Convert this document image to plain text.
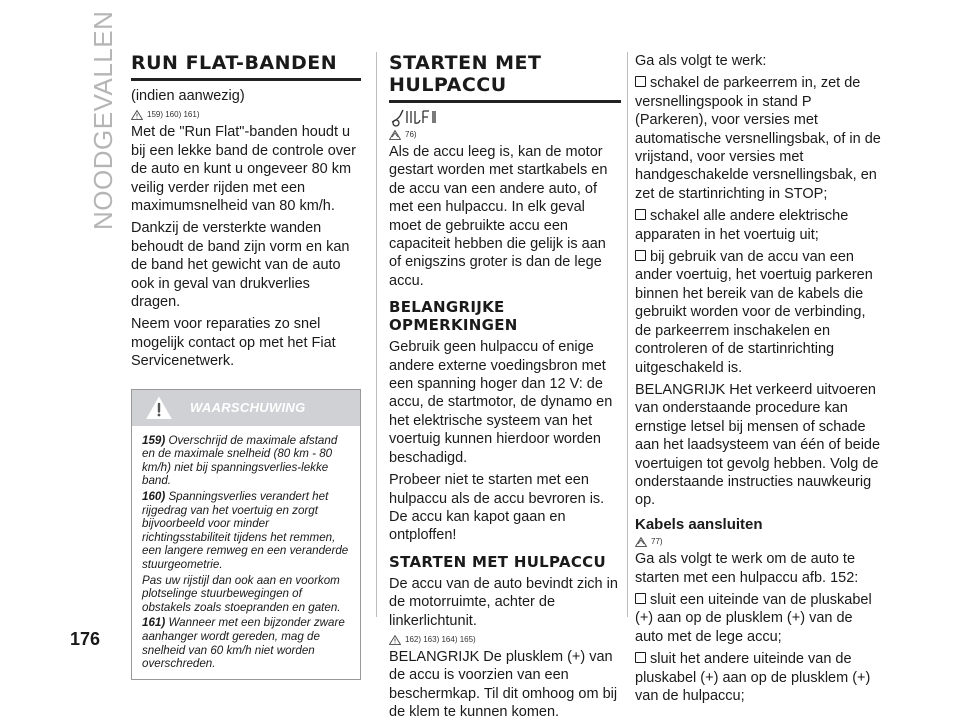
NOODGEVALLEN RUN FLAT-BANDEN

(indien aanwezig)

159) 160) 161)

Met de "Run Flat"-banden houdt u bij een lekke band de controle over de auto en kunt u ongeveer 80 km veilig verder rijden met een maximumsnelheid van 80 km/h.

Dankzij de versterkte wanden behoudt de band zijn vorm en kan de band het gewicht van de auto ook in geval van drukverlies dragen.

Neem voor reparaties zo snel mogelijk contact op met het Fiat Servicenetwerk.

WAARSCHUWING

159) Overschrijd de maximale afstand en de maximale snelheid (80 km - 80 km/h) niet bij spanningsverlies-lekke band.

160) Spanningsverlies verandert het rijgedrag van het voertuig en zorgt bijvoorbeeld voor minder richtingsstabiliteit tijdens het remmen, een langere remweg en een veranderde stuurgeometrie.

Pas uw rijstijl dan ook aan en voorkom plotselinge stuurbewegingen of obstakels zoals stoepranden en gaten.

161) Wanneer met een bijzonder zware aanhanger wordt gereden, mag de snelheid van 60 km/h niet worden overschreden.

STARTEN MET HULPACCU
76)

Als de accu leeg is, kan de motor gestart worden met startkabels en de accu van een andere auto, of met een hulpaccu. In elk geval moet de gebruikte accu een capaciteit hebben die gelijk is aan of enigszins groter is dan de lege accu.

BELANGRIJKE OPMERKINGEN

Gebruik geen hulpaccu of enige andere externe voedingsbron met een spanning hoger dan 12 V: de accu, de startmotor, de dynamo en het elektrische systeem van het voertuig kunnen hierdoor worden beschadigd.

Probeer niet te starten met een hulpaccu als de accu bevroren is. De accu kan kapot gaan en ontploffen!

STARTEN MET HULPACCU

De accu van de auto bevindt zich in de motorruimte, achter de linkerlichtunit.

162) 163) 164) 165)

BELANGRIJK De plusklem (+) van de accu is voorzien van een beschermkap. Til dit omhoog om bij de klem te kunnen komen.

Ga als volgt te werk:

schakel de parkeerrem in, zet de versnellingspook in stand P (Parkeren), voor versies met automatische versnellingsbak, of in de vrijstand, voor versies met handgeschakelde versnellingsbak, en zet de startinrichting in STOP;

schakel alle andere elektrische apparaten in het voertuig uit;

bij gebruik van de accu van een ander voertuig, het voertuig parkeren binnen het bereik van de kabels die gebruikt worden voor de verbinding, de parkeerrem inschakelen en controleren of de startinrichting uitgeschakeld is.

BELANGRIJK Het verkeerd uitvoeren van onderstaande procedure kan ernstige letsel bij mensen of schade aan het laadsysteem van één of beide voertuigen tot gevolg hebben. Volg de onderstaande instructies nauwkeurig op.

Kabels aansluiten
77)

Ga als volgt te werk om de auto te starten met een hulpaccu afb. 152:

sluit een uiteinde van de pluskabel (+) aan op de plusklem (+) van de auto met de lege accu;

sluit het andere uiteinde van de pluskabel (+) aan op de plusklem (+) van de hulpaccu;

176
